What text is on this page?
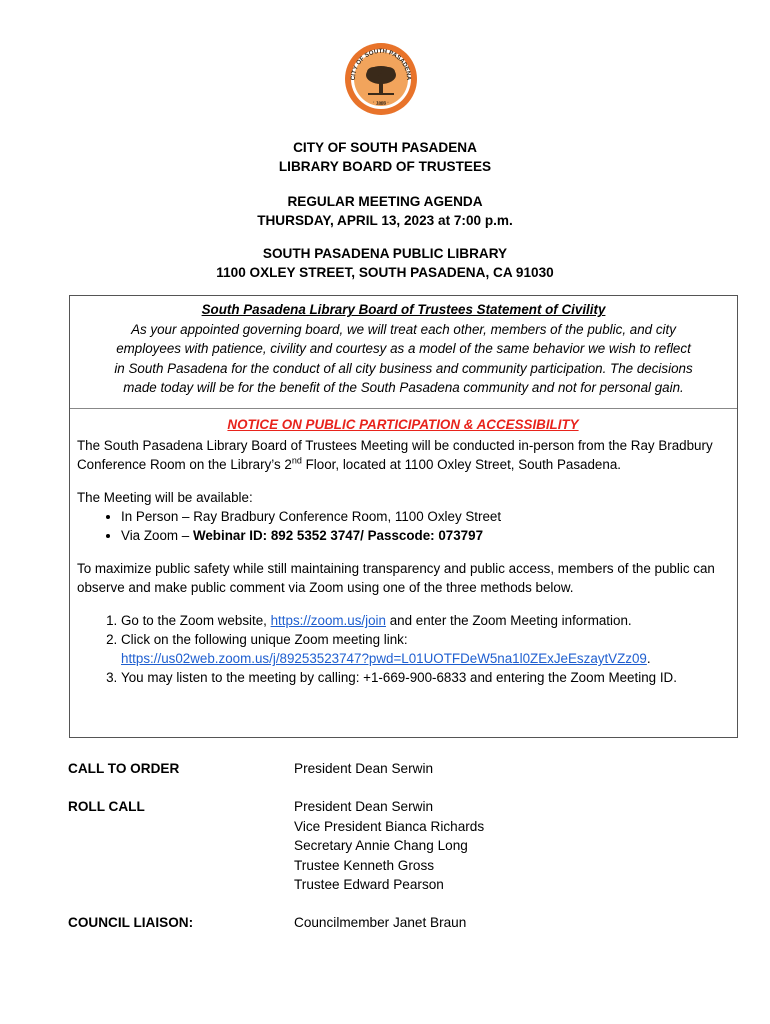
CITY OF SOUTH PASADENA
· 1888 ·
CITY OF SOUTH PASADENA
LIBRARY BOARD OF TRUSTEES
REGULAR MEETING AGENDA
THURSDAY, APRIL 13, 2023 at 7:00 p.m.
SOUTH PASADENA PUBLIC LIBRARY
1100 OXLEY STREET, SOUTH PASADENA, CA 91030
South Pasadena Library Board of Trustees Statement of Civility
As your appointed governing board, we will treat each other, members of the public, and city
employees with patience, civility and courtesy as a model of the same behavior we wish to reflect
in South Pasadena for the conduct of all city business and community participation. The decisions
made today will be for the benefit of the South Pasadena community and not for personal gain.
NOTICE ON PUBLIC PARTICIPATION & ACCESSIBILITY

The South Pasadena Library Board of Trustees Meeting will be conducted in-person from the Ray Bradbury Conference Room on the Library’s 2nd Floor, located at 1100 Oxley Street, South Pasadena.

The Meeting will be available:

• In Person – Ray Bradbury Conference Room, 1100 Oxley Street
• Via Zoom – Webinar ID: 892 5352 3747/ Passcode: 073797

To maximize public safety while still maintaining transparency and public access, members of the public can observe and make public comment via Zoom using one of the three methods below.

1. Go to the Zoom website, https://zoom.us/join and enter the Zoom Meeting information.
2. Click on the following unique Zoom meeting link:
https://us02web.zoom.us/j/89253523747?pwd=L01UOTFDeW5na1l0ZExJeEszaytVZz09.
3. You may listen to the meeting by calling: +1-669-900-6833 and entering the Zoom Meeting ID.
CALL TO ORDER	President Dean Serwin
ROLL CALL	President Dean Serwin
Vice President Bianca Richards
Secretary Annie Chang Long
Trustee Kenneth Gross
Trustee Edward Pearson
COUNCIL LIAISON:	Councilmember Janet Braun
